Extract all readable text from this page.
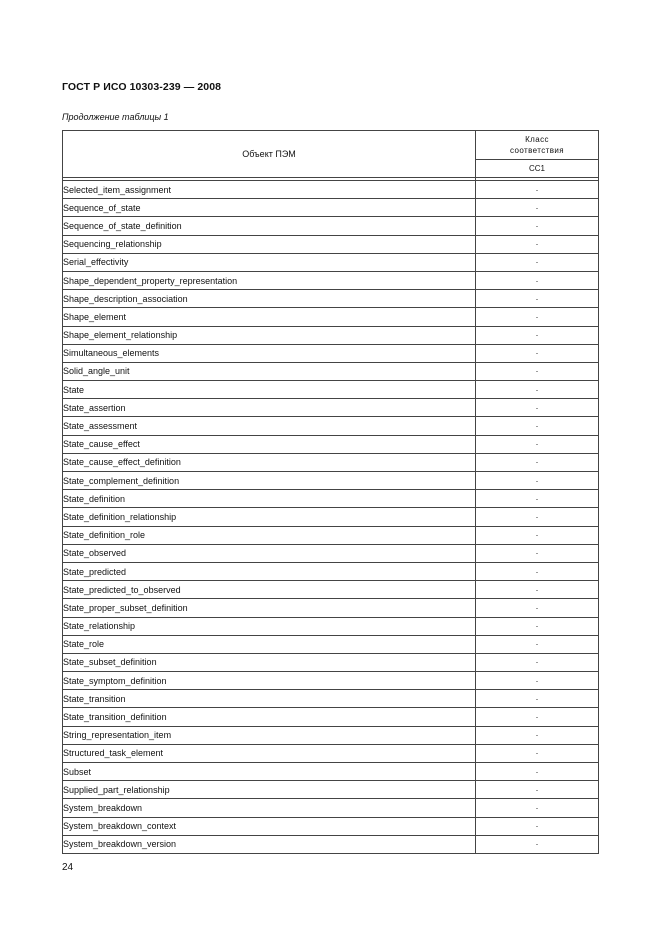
ГОСТ Р ИСО 10303-239 — 2008
Продолжение таблицы 1
Объект ПЭМ	Класс
соответствия

	CC1

Selected_item_assignment	·
Sequence_of_state	·
Sequence_of_state_definition	·
Sequencing_relationship	·
Serial_effectivity	·
Shape_dependent_property_representation	·
Shape_description_association	·
Shape_element	·
Shape_element_relationship	·
Simultaneous_elements	·
Solid_angle_unit	·
State	·
State_assertion	·
State_assessment	·
State_cause_effect	·
State_cause_effect_definition	·
State_complement_definition	·
State_definition	·
State_definition_relationship	·
State_definition_role	·
State_observed	·
State_predicted	·
State_predicted_to_observed	·
State_proper_subset_definition	·
State_relationship	·
State_role	·
State_subset_definition	·
State_symptom_definition	·
State_transition	·
State_transition_definition	·
String_representation_item	·
Structured_task_element	·
Subset	·
Supplied_part_relationship	·
System_breakdown	·
System_breakdown_context	·
System_breakdown_version	·
24
